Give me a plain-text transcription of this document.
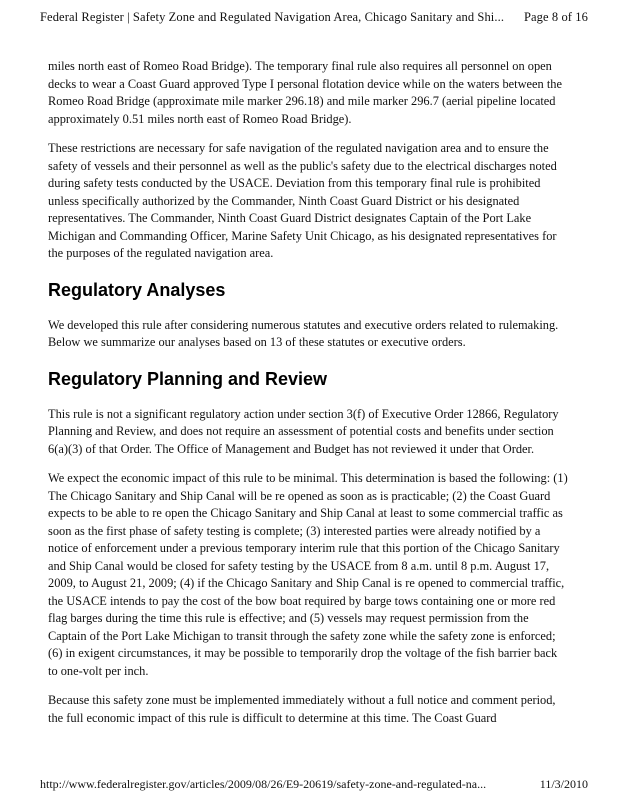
Federal Register | Safety Zone and Regulated Navigation Area, Chicago Sanitary and Shi... Page 8 of 16

miles north east of Romeo Road Bridge). The temporary final rule also requires all personnel on open decks to wear a Coast Guard approved Type I personal flotation device while on the waters between the Romeo Road Bridge (approximate mile marker 296.18) and mile marker 296.7 (aerial pipeline located approximately 0.51 miles north east of Romeo Road Bridge).

These restrictions are necessary for safe navigation of the regulated navigation area and to ensure the safety of vessels and their personnel as well as the public's safety due to the electrical discharges noted during safety tests conducted by the USACE. Deviation from this temporary final rule is prohibited unless specifically authorized by the Commander, Ninth Coast Guard District or his designated representatives. The Commander, Ninth Coast Guard District designates Captain of the Port Lake Michigan and Commanding Officer, Marine Safety Unit Chicago, as his designated representatives for the purposes of the regulated navigation area.

Regulatory Analyses

We developed this rule after considering numerous statutes and executive orders related to rulemaking. Below we summarize our analyses based on 13 of these statutes or executive orders.

Regulatory Planning and Review

This rule is not a significant regulatory action under section 3(f) of Executive Order 12866, Regulatory Planning and Review, and does not require an assessment of potential costs and benefits under section 6(a)(3) of that Order. The Office of Management and Budget has not reviewed it under that Order.

We expect the economic impact of this rule to be minimal. This determination is based the following: (1) The Chicago Sanitary and Ship Canal will be re opened as soon as is practicable; (2) the Coast Guard expects to be able to re open the Chicago Sanitary and Ship Canal at least to some commercial traffic as soon as the first phase of safety testing is complete; (3) interested parties were already notified by a notice of enforcement under a previous temporary interim rule that this portion of the Chicago Sanitary and Ship Canal would be closed for safety testing by the USACE from 8 a.m. until 8 p.m. August 17, 2009, to August 21, 2009; (4) if the Chicago Sanitary and Ship Canal is re opened to commercial traffic, the USACE intends to pay the cost of the bow boat required by barge tows containing one or more red flag barges during the time this rule is effective; and (5) vessels may request permission from the Captain of the Port Lake Michigan to transit through the safety zone while the safety zone is enforced; (6) in exigent circumstances, it may be possible to temporarily drop the voltage of the fish barrier back to one-volt per inch.

Because this safety zone must be implemented immediately without a full notice and comment period, the full economic impact of this rule is difficult to determine at this time. The Coast Guard

http://www.federalregister.gov/articles/2009/08/26/E9-20619/safety-zone-and-regulated-na...	11/3/2010
